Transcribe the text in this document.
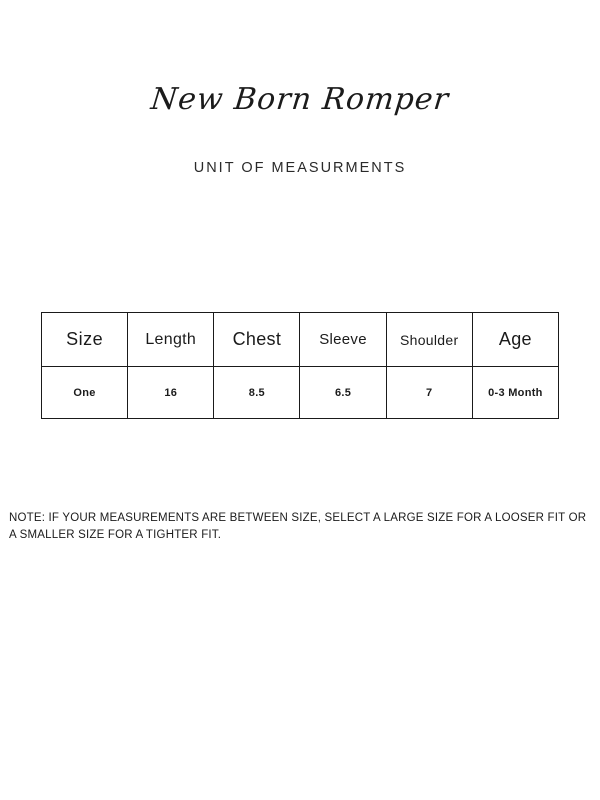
New Born Romper
UNIT OF MEASURMENTS
Size	Length	Chest	Sleeve	Shoulder	Age
One	16	8.5	6.5	7	0-3 Month
NOTE: IF YOUR MEASUREMENTS ARE BETWEEN SIZE, SELECT A LARGE SIZE FOR A LOOSER FIT OR A SMALLER SIZE FOR A TIGHTER FIT.
